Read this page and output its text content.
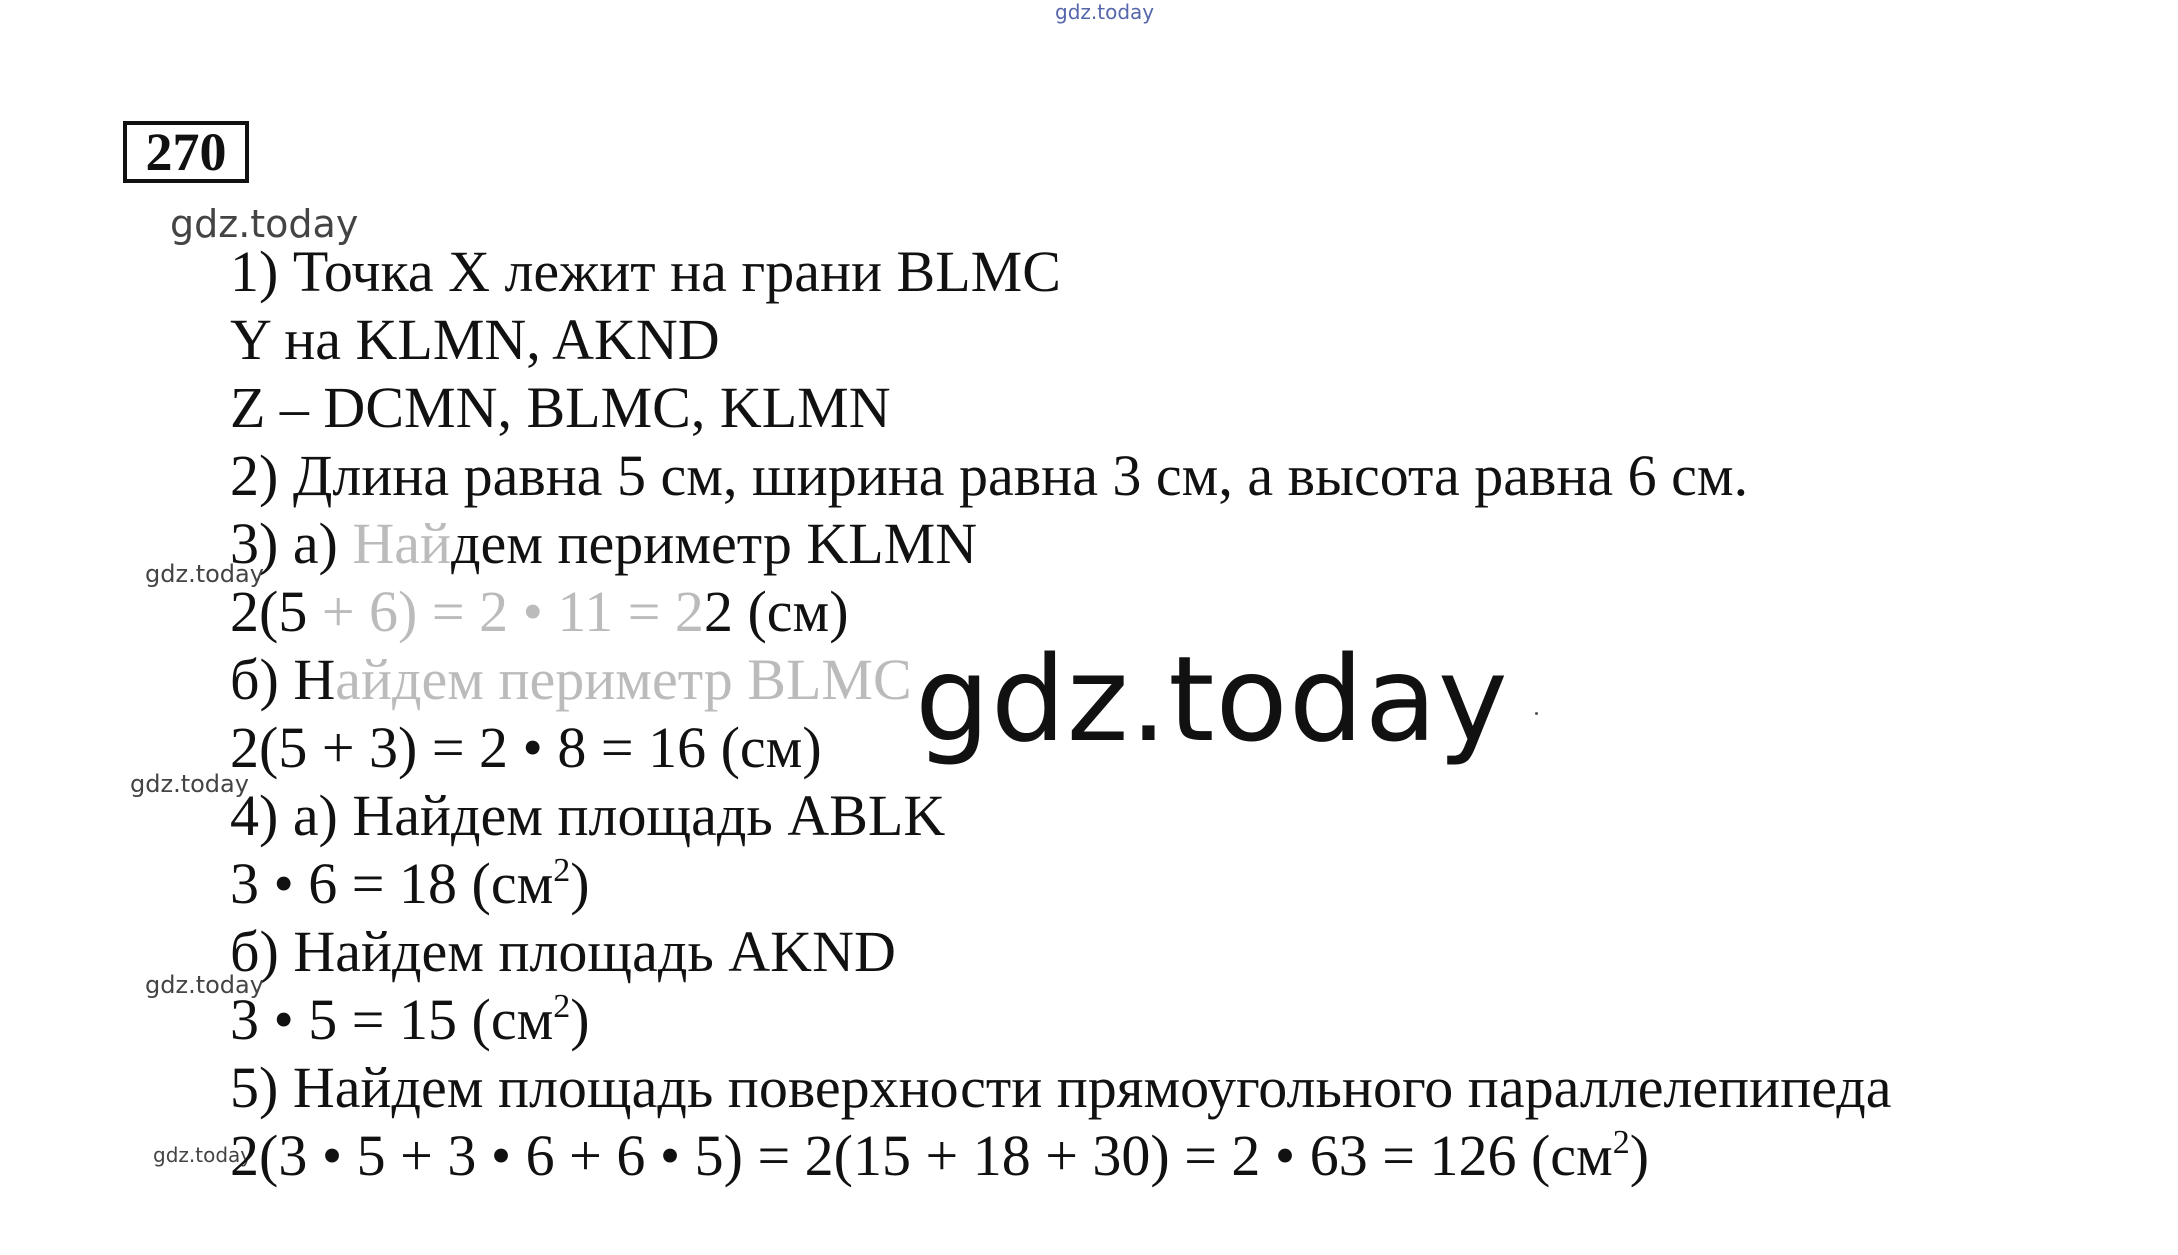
gdz.today
270
gdz.today
1) Точка X лежит на грани BLMC
Y на KLMN, AKND
Z – DCMN, BLMC, KLMN
2) Длина равна 5 см, ширина равна 3 см, а высота равна 6 см.
3) а) Найдем периметр KLMN
gdz.today
2(5 + 6) = 2 • 11 = 22 (см)
б) Найдем периметр BLMC
2(5 + 3) = 2 • 8 = 16 (см)
gdz.today
4) а) Найдем площадь ABLK
3 • 6 = 18 $(см^2)$
б) Найдем площадь AKND
gdz.today
3 • 5 = 15 $(см^2)$
5) Найдем площадь поверхности прямоугольного параллелепипеда
gdz.today
2(3 • 5 + 3 • 6 + 6 • 5) = 2(15 + 18 + 30) = 2 • 63 = 126 $(см^2)$
gdz.today
